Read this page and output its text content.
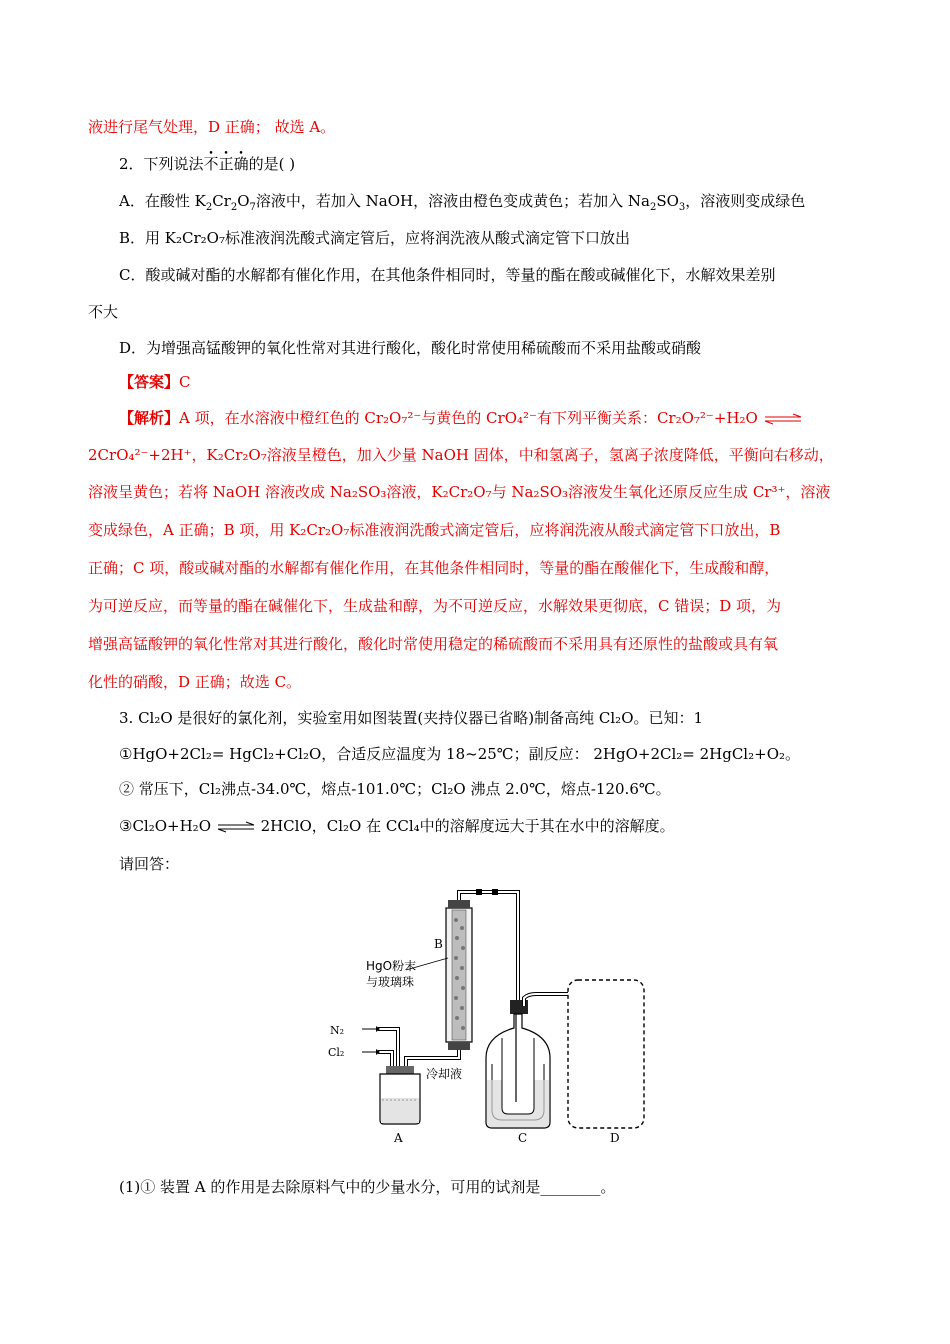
液进行尾气处理，D 正确； 故选 A。
2．下列说法不正确的是( )
A．在酸性 $K_2Cr_2O_7$溶液中，若加入 NaOH，溶液由橙色变成黄色；若加入 $Na_2SO_3$，溶液则变成绿色
B．用 K₂Cr₂O₇标准液润洗酸式滴定管后，应将润洗液从酸式滴定管下口放出
C．酸或碱对酯的水解都有催化作用，在其他条件相同时，等量的酯在酸或碱催化下，水解效果差别
不大
D．为增强高锰酸钾的氧化性常对其进行酸化，酸化时常使用稀硫酸而不采用盐酸或硝酸
【答案】C
【解析】A 项，在水溶液中橙红色的 Cr₂O₇²⁻与黄色的 CrO₄²⁻有下列平衡关系：Cr₂O₇²⁻+H₂O ⇌
2CrO₄²⁻+2H⁺，K₂Cr₂O₇溶液呈橙色，加入少量 NaOH 固体，中和氢离子，氢离子浓度降低，平衡向右移动，
溶液呈黄色；若将 NaOH 溶液改成 Na₂SO₃溶液，K₂Cr₂O₇与 Na₂SO₃溶液发生氧化还原反应生成 Cr³⁺，溶液
变成绿色，A 正确；B 项，用 K₂Cr₂O₇标准液润洗酸式滴定管后，应将润洗液从酸式滴定管下口放出，B
正确；C 项，酸或碱对酯的水解都有催化作用，在其他条件相同时，等量的酯在酸催化下，生成酸和醇，
为可逆反应，而等量的酯在碱催化下，生成盐和醇，为不可逆反应，水解效果更彻底，C 错误；D 项，为
增强高锰酸钾的氧化性常对其进行酸化，酸化时常使用稳定的稀硫酸而不采用具有还原性的盐酸或具有氧
化性的硝酸，D 正确；故选 C。
3. Cl₂O 是很好的氯化剂，实验室用如图装置(夹持仪器已省略)制备高纯 Cl₂O。已知：1
①HgO+2Cl₂= HgCl₂+Cl₂O，合适反应温度为 18~25℃；副反应： 2HgO+2Cl₂= 2HgCl₂+O₂。
② 常压下，Cl₂沸点-34.0℃，熔点-101.0℃；Cl₂O 沸点 2.0℃，熔点-120.6℃。
③Cl₂O+H₂O ⇌ 2HClO，Cl₂O 在 CCl₄中的溶解度远大于其在水中的溶解度。
请回答：
HgO粉末
与玻璃珠
B
N₂
Cl₂
冷却液
A	C	D
(1)① 装置 A 的作用是去除原料气中的少量水分，可用的试剂是________。
